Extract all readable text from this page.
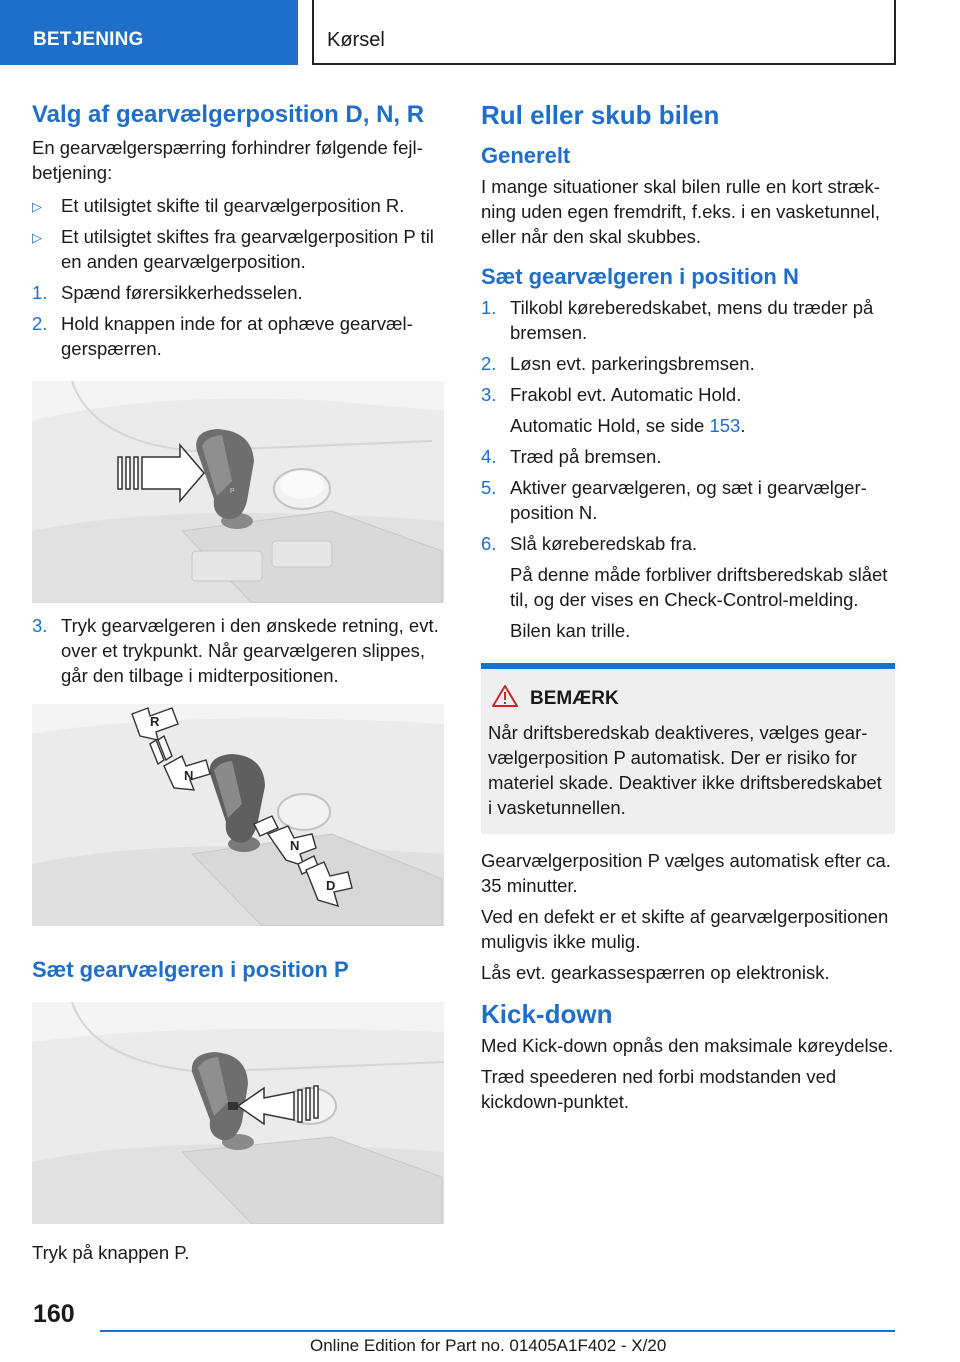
BETJENING	Kørsel
Valg af gearvælgerposition D, N, R

En gearvælgerspærring forhindrer følgende fejlbetjening:

▷ Et utilsigtet skifte til gearvælgerposition R.
▷ Et utilsigtet skiftes fra gearvælgerposition P til en anden gearvælgerposition.
1. Spænd førersikkerhedsselen.
2. Hold knappen inde for at ophæve gearvælgerspærren.
P
3. Tryk gearvælgeren i den ønskede retning, evt. over et trykpunkt. Når gearvælgeren slippes, går den tilbage i midterpositionen.
R
N
N
D
Sæt gearvælgeren i position P

Tryk på knappen P.

Rul eller skub bilen
Generelt

I mange situationer skal bilen rulle en kort strækning uden egen fremdrift, f.eks. i en vasketunnel, eller når den skal skubbes.

Sæt gearvælgeren i position N
1. Tilkobl køreberedskabet, mens du træder på bremsen.
2. Løsn evt. parkeringsbremsen.
3. Frakobl evt. Automatic Hold.
Automatic Hold, se side 153.
4. Træd på bremsen.
5. Aktiver gearvælgeren, og sæt i gearvælgerposition N.
6. Slå køreberedskab fra.
På denne måde forbliver driftsberedskab slået til, og der vises en Check-Control-melding.
Bilen kan trille.
BEMÆRK

Når driftsberedskab deaktiveres, vælges gearvælgerposition P automatisk. Der er risiko for materiel skade. Deaktiver ikke driftsberedskabet i vasketunnellen.

Gearvælgerposition P vælges automatisk efter ca. 35 minutter.

Ved en defekt er et skifte af gearvælgerpositionen muligvis ikke mulig.

Lås evt. gearkassespærren op elektronisk.

Kick-down

Med Kick-down opnås den maksimale køreydelse.

Træd speederen ned forbi modstanden ved kickdown-punktet.

160
Online Edition for Part no. 01405A1F402 - X/20
